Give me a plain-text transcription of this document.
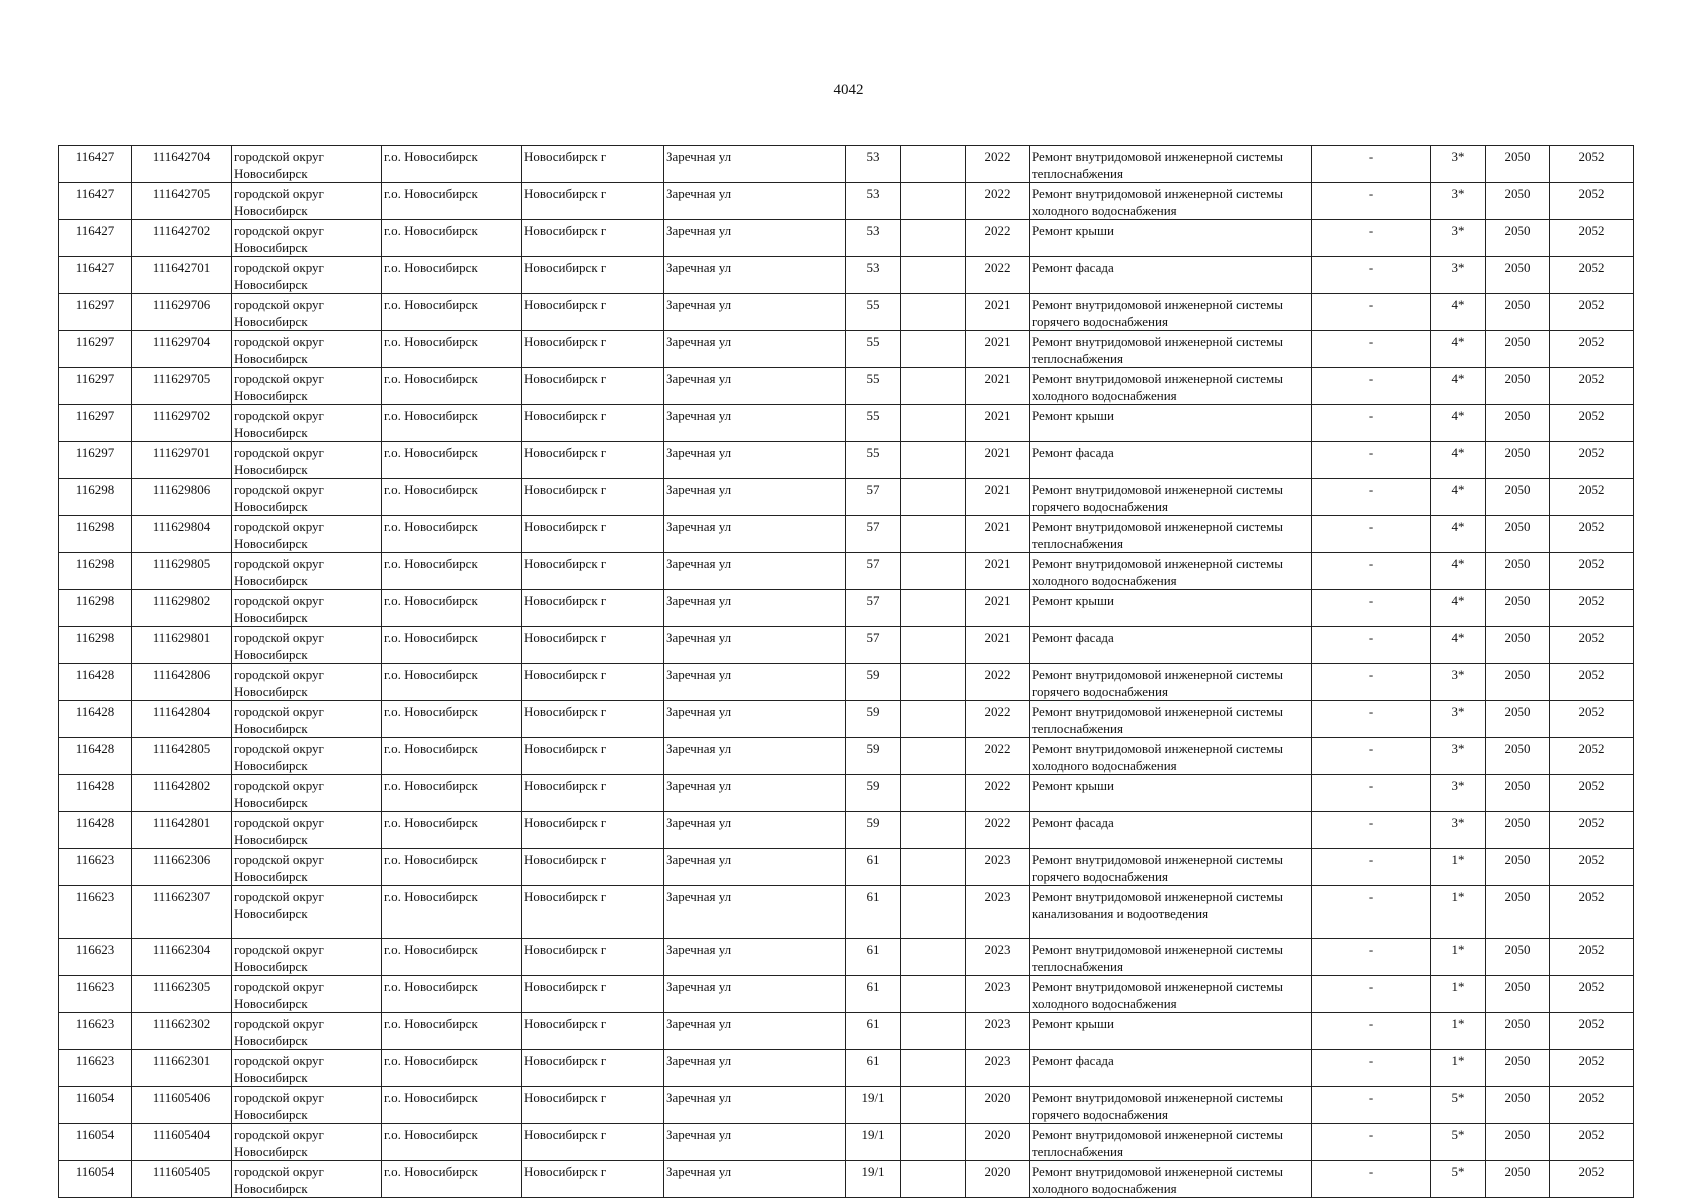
4042
116427	111642704	городской округ Новосибирск	г.о. Новосибирск	Новосибирск г	Заречная ул	53		2022	Ремонт внутридомовой инженерной системы теплоснабжения	-	3*	2050	2052
116427	111642705	городской округ Новосибирск	г.о. Новосибирск	Новосибирск г	Заречная ул	53		2022	Ремонт внутридомовой инженерной системы холодного водоснабжения	-	3*	2050	2052
116427	111642702	городской округ Новосибирск	г.о. Новосибирск	Новосибирск г	Заречная ул	53		2022	Ремонт крыши	-	3*	2050	2052
116427	111642701	городской округ Новосибирск	г.о. Новосибирск	Новосибирск г	Заречная ул	53		2022	Ремонт фасада	-	3*	2050	2052
116297	111629706	городской округ Новосибирск	г.о. Новосибирск	Новосибирск г	Заречная ул	55		2021	Ремонт внутридомовой инженерной системы горячего водоснабжения	-	4*	2050	2052
116297	111629704	городской округ Новосибирск	г.о. Новосибирск	Новосибирск г	Заречная ул	55		2021	Ремонт внутридомовой инженерной системы теплоснабжения	-	4*	2050	2052
116297	111629705	городской округ Новосибирск	г.о. Новосибирск	Новосибирск г	Заречная ул	55		2021	Ремонт внутридомовой инженерной системы холодного водоснабжения	-	4*	2050	2052
116297	111629702	городской округ Новосибирск	г.о. Новосибирск	Новосибирск г	Заречная ул	55		2021	Ремонт крыши	-	4*	2050	2052
116297	111629701	городской округ Новосибирск	г.о. Новосибирск	Новосибирск г	Заречная ул	55		2021	Ремонт фасада	-	4*	2050	2052
116298	111629806	городской округ Новосибирск	г.о. Новосибирск	Новосибирск г	Заречная ул	57		2021	Ремонт внутридомовой инженерной системы горячего водоснабжения	-	4*	2050	2052
116298	111629804	городской округ Новосибирск	г.о. Новосибирск	Новосибирск г	Заречная ул	57		2021	Ремонт внутридомовой инженерной системы теплоснабжения	-	4*	2050	2052
116298	111629805	городской округ Новосибирск	г.о. Новосибирск	Новосибирск г	Заречная ул	57		2021	Ремонт внутридомовой инженерной системы холодного водоснабжения	-	4*	2050	2052
116298	111629802	городской округ Новосибирск	г.о. Новосибирск	Новосибирск г	Заречная ул	57		2021	Ремонт крыши	-	4*	2050	2052
116298	111629801	городской округ Новосибирск	г.о. Новосибирск	Новосибирск г	Заречная ул	57		2021	Ремонт фасада	-	4*	2050	2052
116428	111642806	городской округ Новосибирск	г.о. Новосибирск	Новосибирск г	Заречная ул	59		2022	Ремонт внутридомовой инженерной системы горячего водоснабжения	-	3*	2050	2052
116428	111642804	городской округ Новосибирск	г.о. Новосибирск	Новосибирск г	Заречная ул	59		2022	Ремонт внутридомовой инженерной системы теплоснабжения	-	3*	2050	2052
116428	111642805	городской округ Новосибирск	г.о. Новосибирск	Новосибирск г	Заречная ул	59		2022	Ремонт внутридомовой инженерной системы холодного водоснабжения	-	3*	2050	2052
116428	111642802	городской округ Новосибирск	г.о. Новосибирск	Новосибирск г	Заречная ул	59		2022	Ремонт крыши	-	3*	2050	2052
116428	111642801	городской округ Новосибирск	г.о. Новосибирск	Новосибирск г	Заречная ул	59		2022	Ремонт фасада	-	3*	2050	2052
116623	111662306	городской округ Новосибирск	г.о. Новосибирск	Новосибирск г	Заречная ул	61		2023	Ремонт внутридомовой инженерной системы горячего водоснабжения	-	1*	2050	2052
116623	111662307	городской округ Новосибирск	г.о. Новосибирск	Новосибирск г	Заречная ул	61		2023	Ремонт внутридомовой инженерной системы канализования и водоотведения	-	1*	2050	2052
116623	111662304	городской округ Новосибирск	г.о. Новосибирск	Новосибирск г	Заречная ул	61		2023	Ремонт внутридомовой инженерной системы теплоснабжения	-	1*	2050	2052
116623	111662305	городской округ Новосибирск	г.о. Новосибирск	Новосибирск г	Заречная ул	61		2023	Ремонт внутридомовой инженерной системы холодного водоснабжения	-	1*	2050	2052
116623	111662302	городской округ Новосибирск	г.о. Новосибирск	Новосибирск г	Заречная ул	61		2023	Ремонт крыши	-	1*	2050	2052
116623	111662301	городской округ Новосибирск	г.о. Новосибирск	Новосибирск г	Заречная ул	61		2023	Ремонт фасада	-	1*	2050	2052
116054	111605406	городской округ Новосибирск	г.о. Новосибирск	Новосибирск г	Заречная ул	19/1		2020	Ремонт внутридомовой инженерной системы горячего водоснабжения	-	5*	2050	2052
116054	111605404	городской округ Новосибирск	г.о. Новосибирск	Новосибирск г	Заречная ул	19/1		2020	Ремонт внутридомовой инженерной системы теплоснабжения	-	5*	2050	2052
116054	111605405	городской округ Новосибирск	г.о. Новосибирск	Новосибирск г	Заречная ул	19/1		2020	Ремонт внутридомовой инженерной системы холодного водоснабжения	-	5*	2050	2052
